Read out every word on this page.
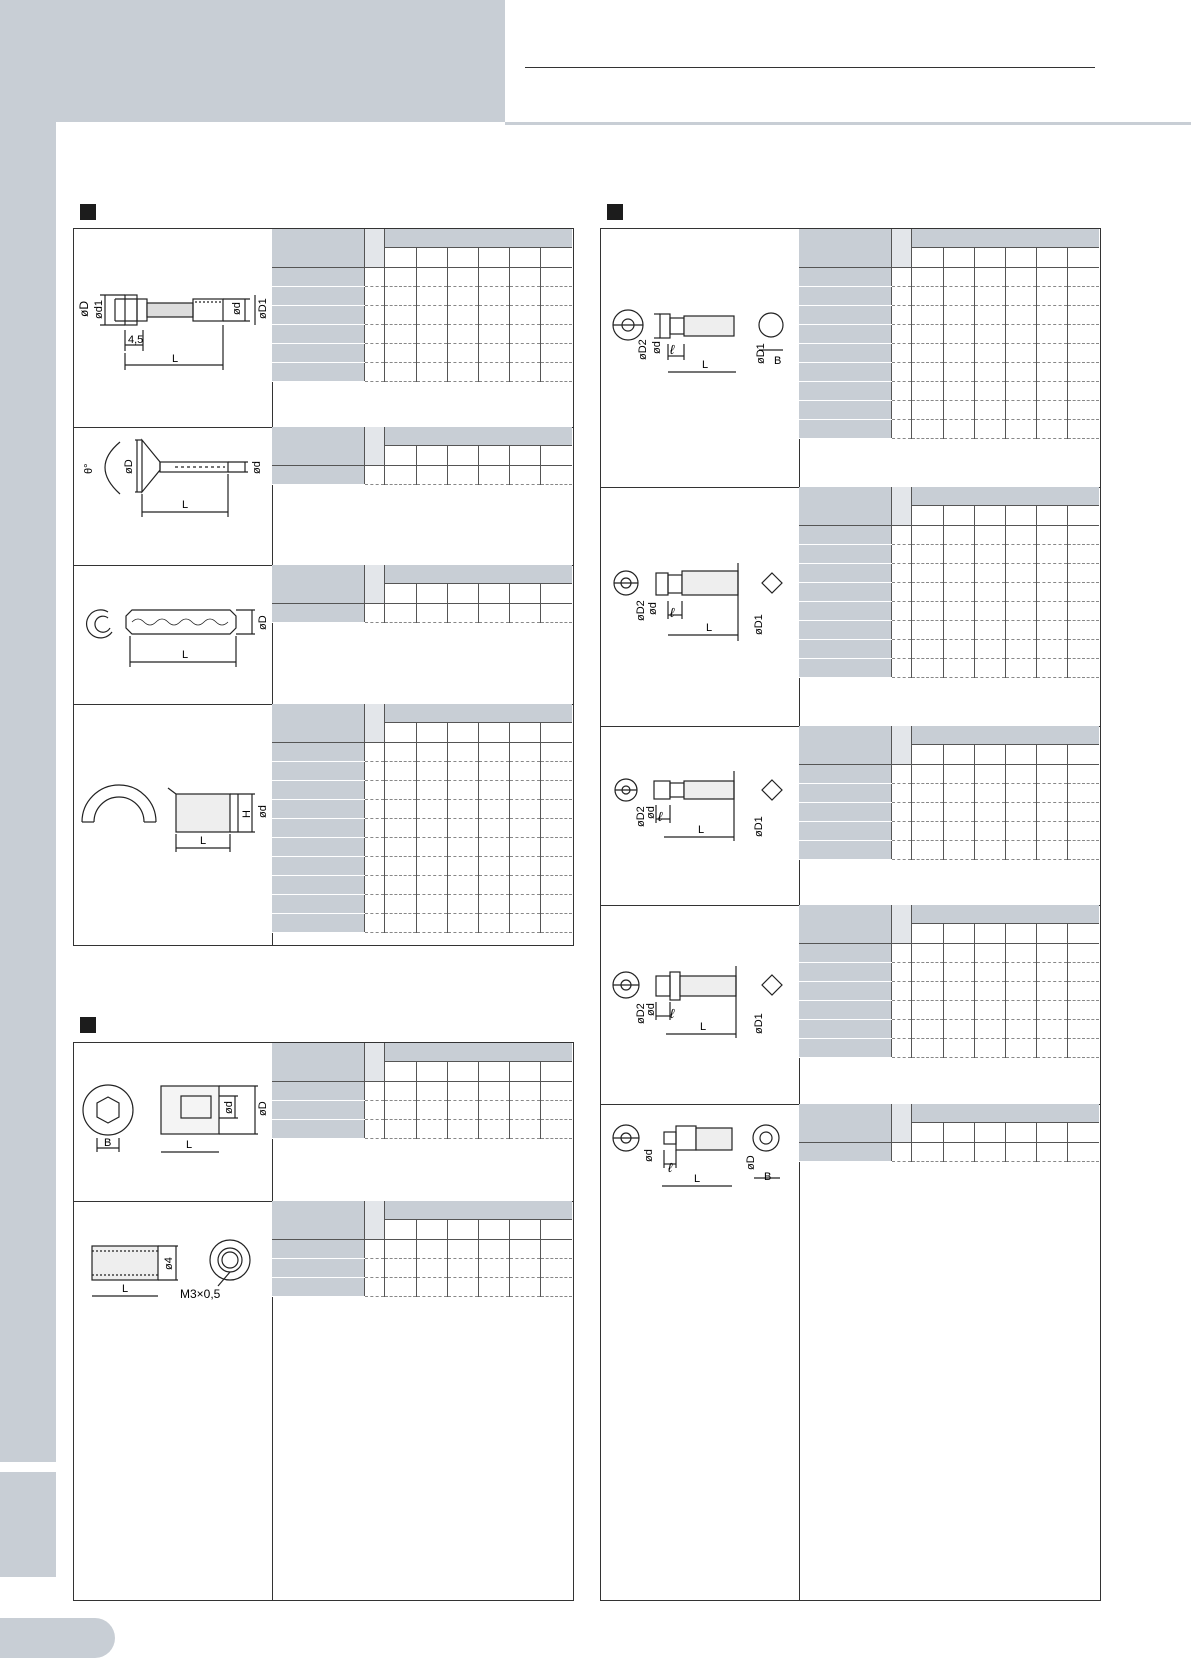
øD ød1	ød øD1
4,5
L
θ°	øD	ød
L
øD
L
H ød
L
B	L
ød øD
ø4
L	M3×0,5
øD2 ød ℓ
L
øD1 B
øD2 ød ℓ
L	øD1
øD2
ød ℓ
L	øD1
øD2
ød ℓ
L	øD1
ød
ℓ
L
øD
B
